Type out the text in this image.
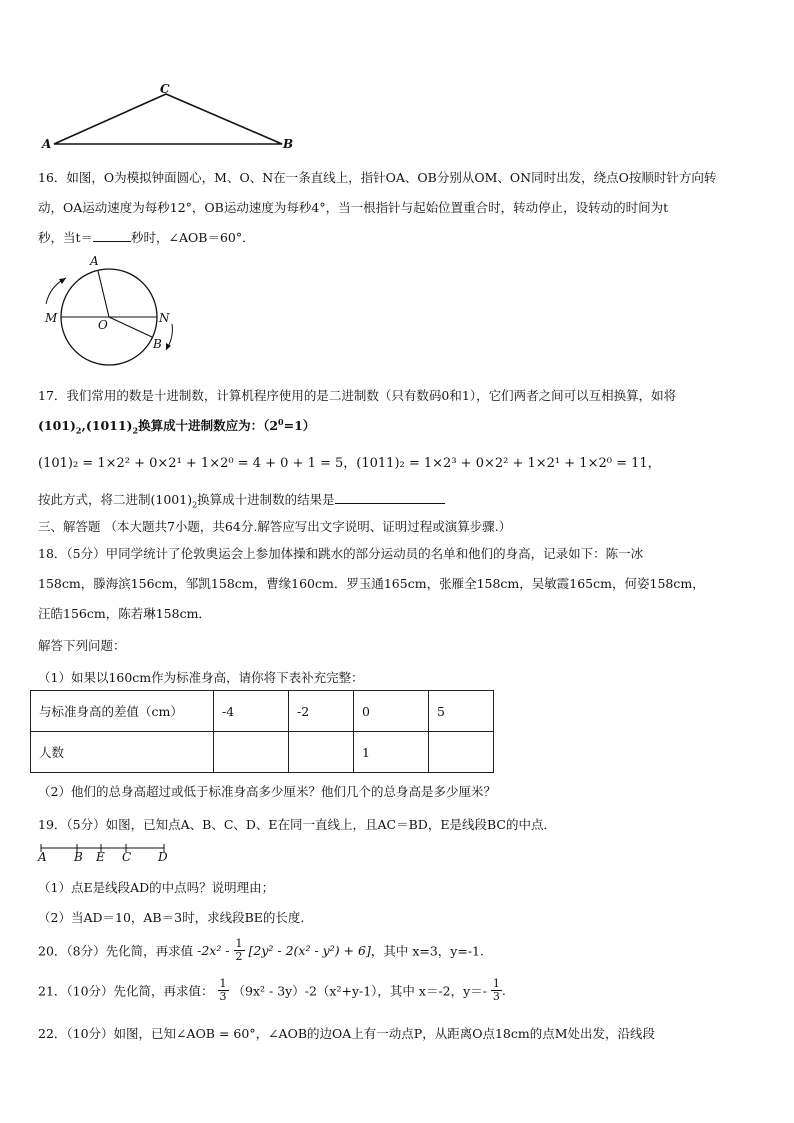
C
A	B
16．如图，O为模拟钟面圆心，M、O、N在一条直线上，指针OA、OB分别从OM、ON同时出发，绕点O按顺时针方向转
动，OA运动速度为每秒12°，OB运动速度为每秒4°，当一根指针与起始位置重合时，转动停止，设转动的时间为t
秒，当t＝	秒时，∠AOB＝60°．
A
M	O	N
B
17．我们常用的数是十进制数，计算机程序使用的是二进制数（只有数码0和1），它们两者之间可以互相换算，如将
$(101)_2,(1011)_2$换算成十进制数应为：$(2^0=1)$
(101)₂ = 1×2² + 0×2¹ + 1×2⁰ = 4 + 0 + 1 = 5，(1011)₂ = 1×2³ + 0×2² + 1×2¹ + 1×2⁰ = 11，
按此方式，将二进制$(1001)_2$换算成十进制数的结果是
三、解答题 （本大题共7小题，共64分.解答应写出文字说明、证明过程或演算步骤.）
18．（5分）甲同学统计了伦敦奥运会上参加体操和跳水的部分运动员的名单和他们的身高，记录如下：陈一冰
158cm，滕海滨156cm，邹凯158cm，曹缘160cm．罗玉通165cm，张雁全158cm，吴敏霞165cm，何姿158cm，
汪皓156cm，陈若琳158cm．
解答下列问题：
（1）如果以160cm作为标准身高，请你将下表补充完整：
与标准身高的差值（cm）	-4	-2	0	5
人数			1	
（2）他们的总身高超过或低于标准身高多少厘米？他们几个的总身高是多少厘米？
19．（5分）如图，已知点A、B、C、D、E在同一直线上，且AC＝BD，E是线段BC的中点．
A B E C D
（1）点E是线段AD的中点吗？说明理由；
（2）当AD＝10，AB＝3时，求线段BE的长度.
20．（8分）先化简，再求值 $-2x^2 - \frac{1}{2} [2y^2 - 2(x^2 - y^2) + 6]$，其中 x=3，y=-1.
21．（10分）先化简，再求值： $\frac{1}{3} (9x^2 - 3y)-2(x^2+y-1)$，其中 x＝-2，$y=- \frac{1}{3}$ .
22．（10分）如图，已知∠AOB = 60°，∠AOB的边OA上有一动点P，从距离O点18cm的点M处出发，沿线段
